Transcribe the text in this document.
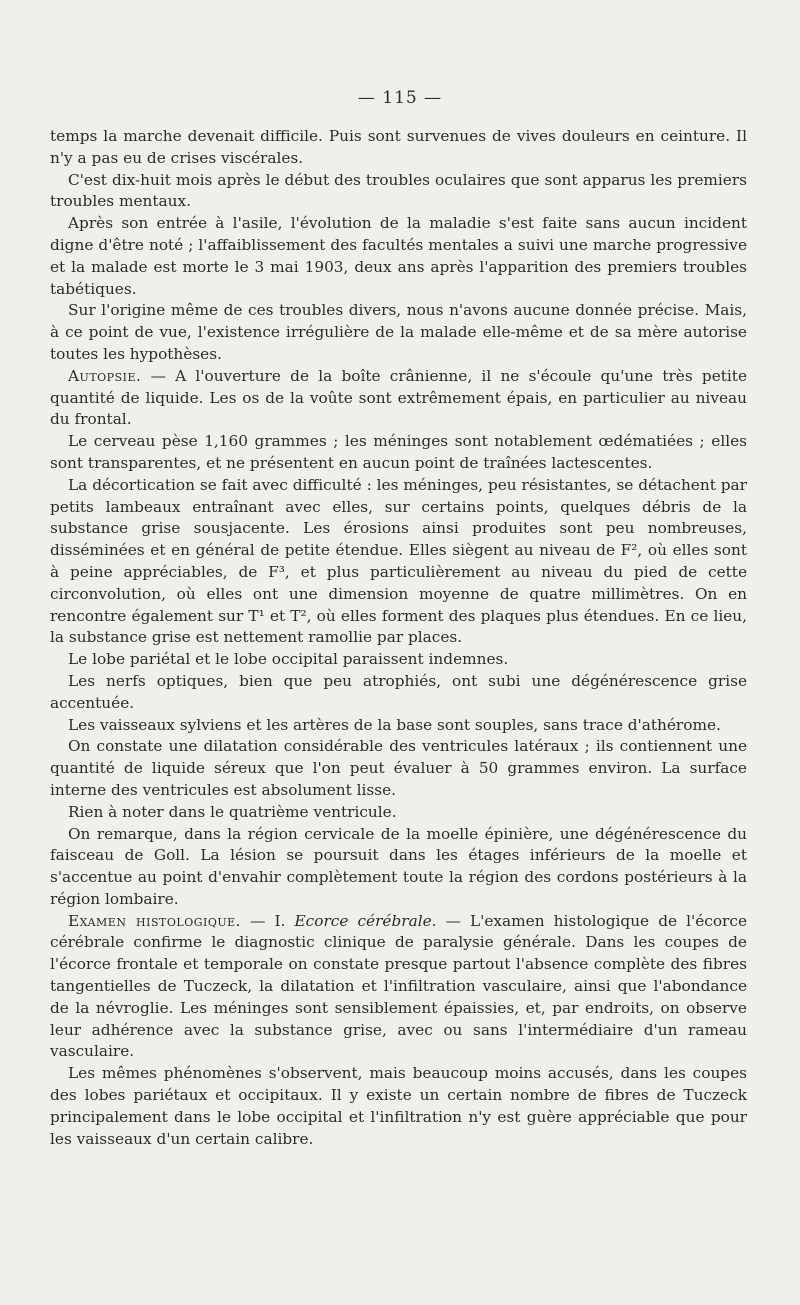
— 115 —

temps la marche devenait difficile. Puis sont survenues de vives douleurs en ceinture. Il n'y a pas eu de crises viscérales.

C'est dix-huit mois après le début des troubles oculaires que sont apparus les premiers troubles mentaux.

Après son entrée à l'asile, l'évolution de la maladie s'est faite sans aucun incident digne d'être noté ; l'affaiblissement des facultés mentales a suivi une marche progressive et la malade est morte le 3 mai 1903, deux ans après l'apparition des premiers troubles tabétiques.

Sur l'origine même de ces troubles divers, nous n'avons aucune donnée précise. Mais, à ce point de vue, l'existence irrégulière de la malade elle-même et de sa mère autorise toutes les hypothèses.

Autopsie. — A l'ouverture de la boîte crânienne, il ne s'écoule qu'une très petite quantité de liquide. Les os de la voûte sont extrêmement épais, en particulier au niveau du frontal.

Le cerveau pèse 1,160 grammes ; les méninges sont notablement œdématiées ; elles sont transparentes, et ne présentent en aucun point de traînées lactescentes.

La décortication se fait avec difficulté : les méninges, peu résistantes, se détachent par petits lambeaux entraînant avec elles, sur certains points, quelques débris de la substance grise sousjacente. Les érosions ainsi produites sont peu nombreuses, disséminées et en général de petite étendue. Elles siègent au niveau de F², où elles sont à peine appréciables, de F³, et plus particulièrement au niveau du pied de cette circonvolution, où elles ont une dimension moyenne de quatre millimètres. On en rencontre également sur T¹ et T², où elles forment des plaques plus étendues. En ce lieu, la substance grise est nettement ramollie par places.

Le lobe pariétal et le lobe occipital paraissent indemnes.

Les nerfs optiques, bien que peu atrophiés, ont subi une dégénérescence grise accentuée.

Les vaisseaux sylviens et les artères de la base sont souples, sans trace d'athérome.

On constate une dilatation considérable des ventricules latéraux ; ils contiennent une quantité de liquide séreux que l'on peut évaluer à 50 grammes environ. La surface interne des ventricules est absolument lisse.

Rien à noter dans le quatrième ventricule.

On remarque, dans la région cervicale de la moelle épinière, une dégénérescence du faisceau de Goll. La lésion se poursuit dans les étages inférieurs de la moelle et s'accentue au point d'envahir complètement toute la région des cordons postérieurs à la région lombaire.

Examen histologique. — I. Ecorce cérébrale. — L'examen histologique de l'écorce cérébrale confirme le diagnostic clinique de paralysie générale. Dans les coupes de l'écorce frontale et temporale on constate presque partout l'absence complète des fibres tangentielles de Tuczeck, la dilatation et l'infiltration vasculaire, ainsi que l'abondance de la névroglie. Les méninges sont sensiblement épaissies, et, par endroits, on observe leur adhérence avec la substance grise, avec ou sans l'intermédiaire d'un rameau vasculaire.

Les mêmes phénomènes s'observent, mais beaucoup moins accusés, dans les coupes des lobes pariétaux et occipitaux. Il y existe un certain nombre de fibres de Tuczeck principalement dans le lobe occipital et l'infiltration n'y est guère appréciable que pour les vaisseaux d'un certain calibre.
